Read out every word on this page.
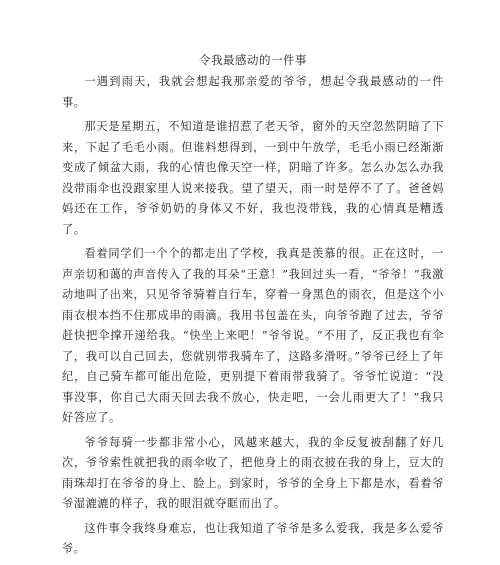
令我最感动的一件事

一遇到雨天，我就会想起我那亲爱的爷爷，想起令我最感动的一件事。

那天是星期五，不知道是谁招惹了老天爷，窗外的天空忽然阴暗了下来，下起了毛毛小雨。但谁料想得到，一到中午放学，毛毛小雨已经渐渐变成了倾盆大雨，我的心情也像天空一样，阴暗了许多。怎么办怎么办我没带雨伞也没跟家里人说来接我。望了望天，雨一时是停不了了。爸爸妈妈还在工作，爷爷奶奶的身体又不好，我也没带钱，我的心情真是糟透了。

看着同学们一个个的都走出了学校，我真是羡慕的很。正在这时，一声亲切和蔼的声音传入了我的耳朵“王意！”我回过头一看，“爷爷！”我激动地叫了出来，只见爷爷骑着自行车，穿着一身黑色的雨衣，但是这个小雨衣根本挡不住那成串的雨滴。我用书包盖在头，向爷爷跑了过去，爷爷赶快把伞撑开递给我。“快坐上来吧！”爷爷说。“不用了，反正我也有伞了，我可以自己回去，您就别带我骑车了，这路多滑呀。”爷爷已经上了年纪，自己骑车都可能出危险，更别提下着雨带我骑了。爷爷忙说道：“没事没事，你自己大雨天回去我不放心，快走吧，一会儿雨更大了！”我只好答应了。

爷爷每骑一步都非常小心，风越来越大，我的伞反复被刮翻了好几次，爷爷索性就把我的雨伞收了，把他身上的雨衣披在我的身上，豆大的雨珠却打在爷爷的身上、脸上。到家时，爷爷的全身上下都是水，看着爷爷湿漉漉的样子，我的眼泪就夺眶而出了。

这件事令我终身难忘，也让我知道了爷爷是多么爱我，我是多么爱爷爷。
